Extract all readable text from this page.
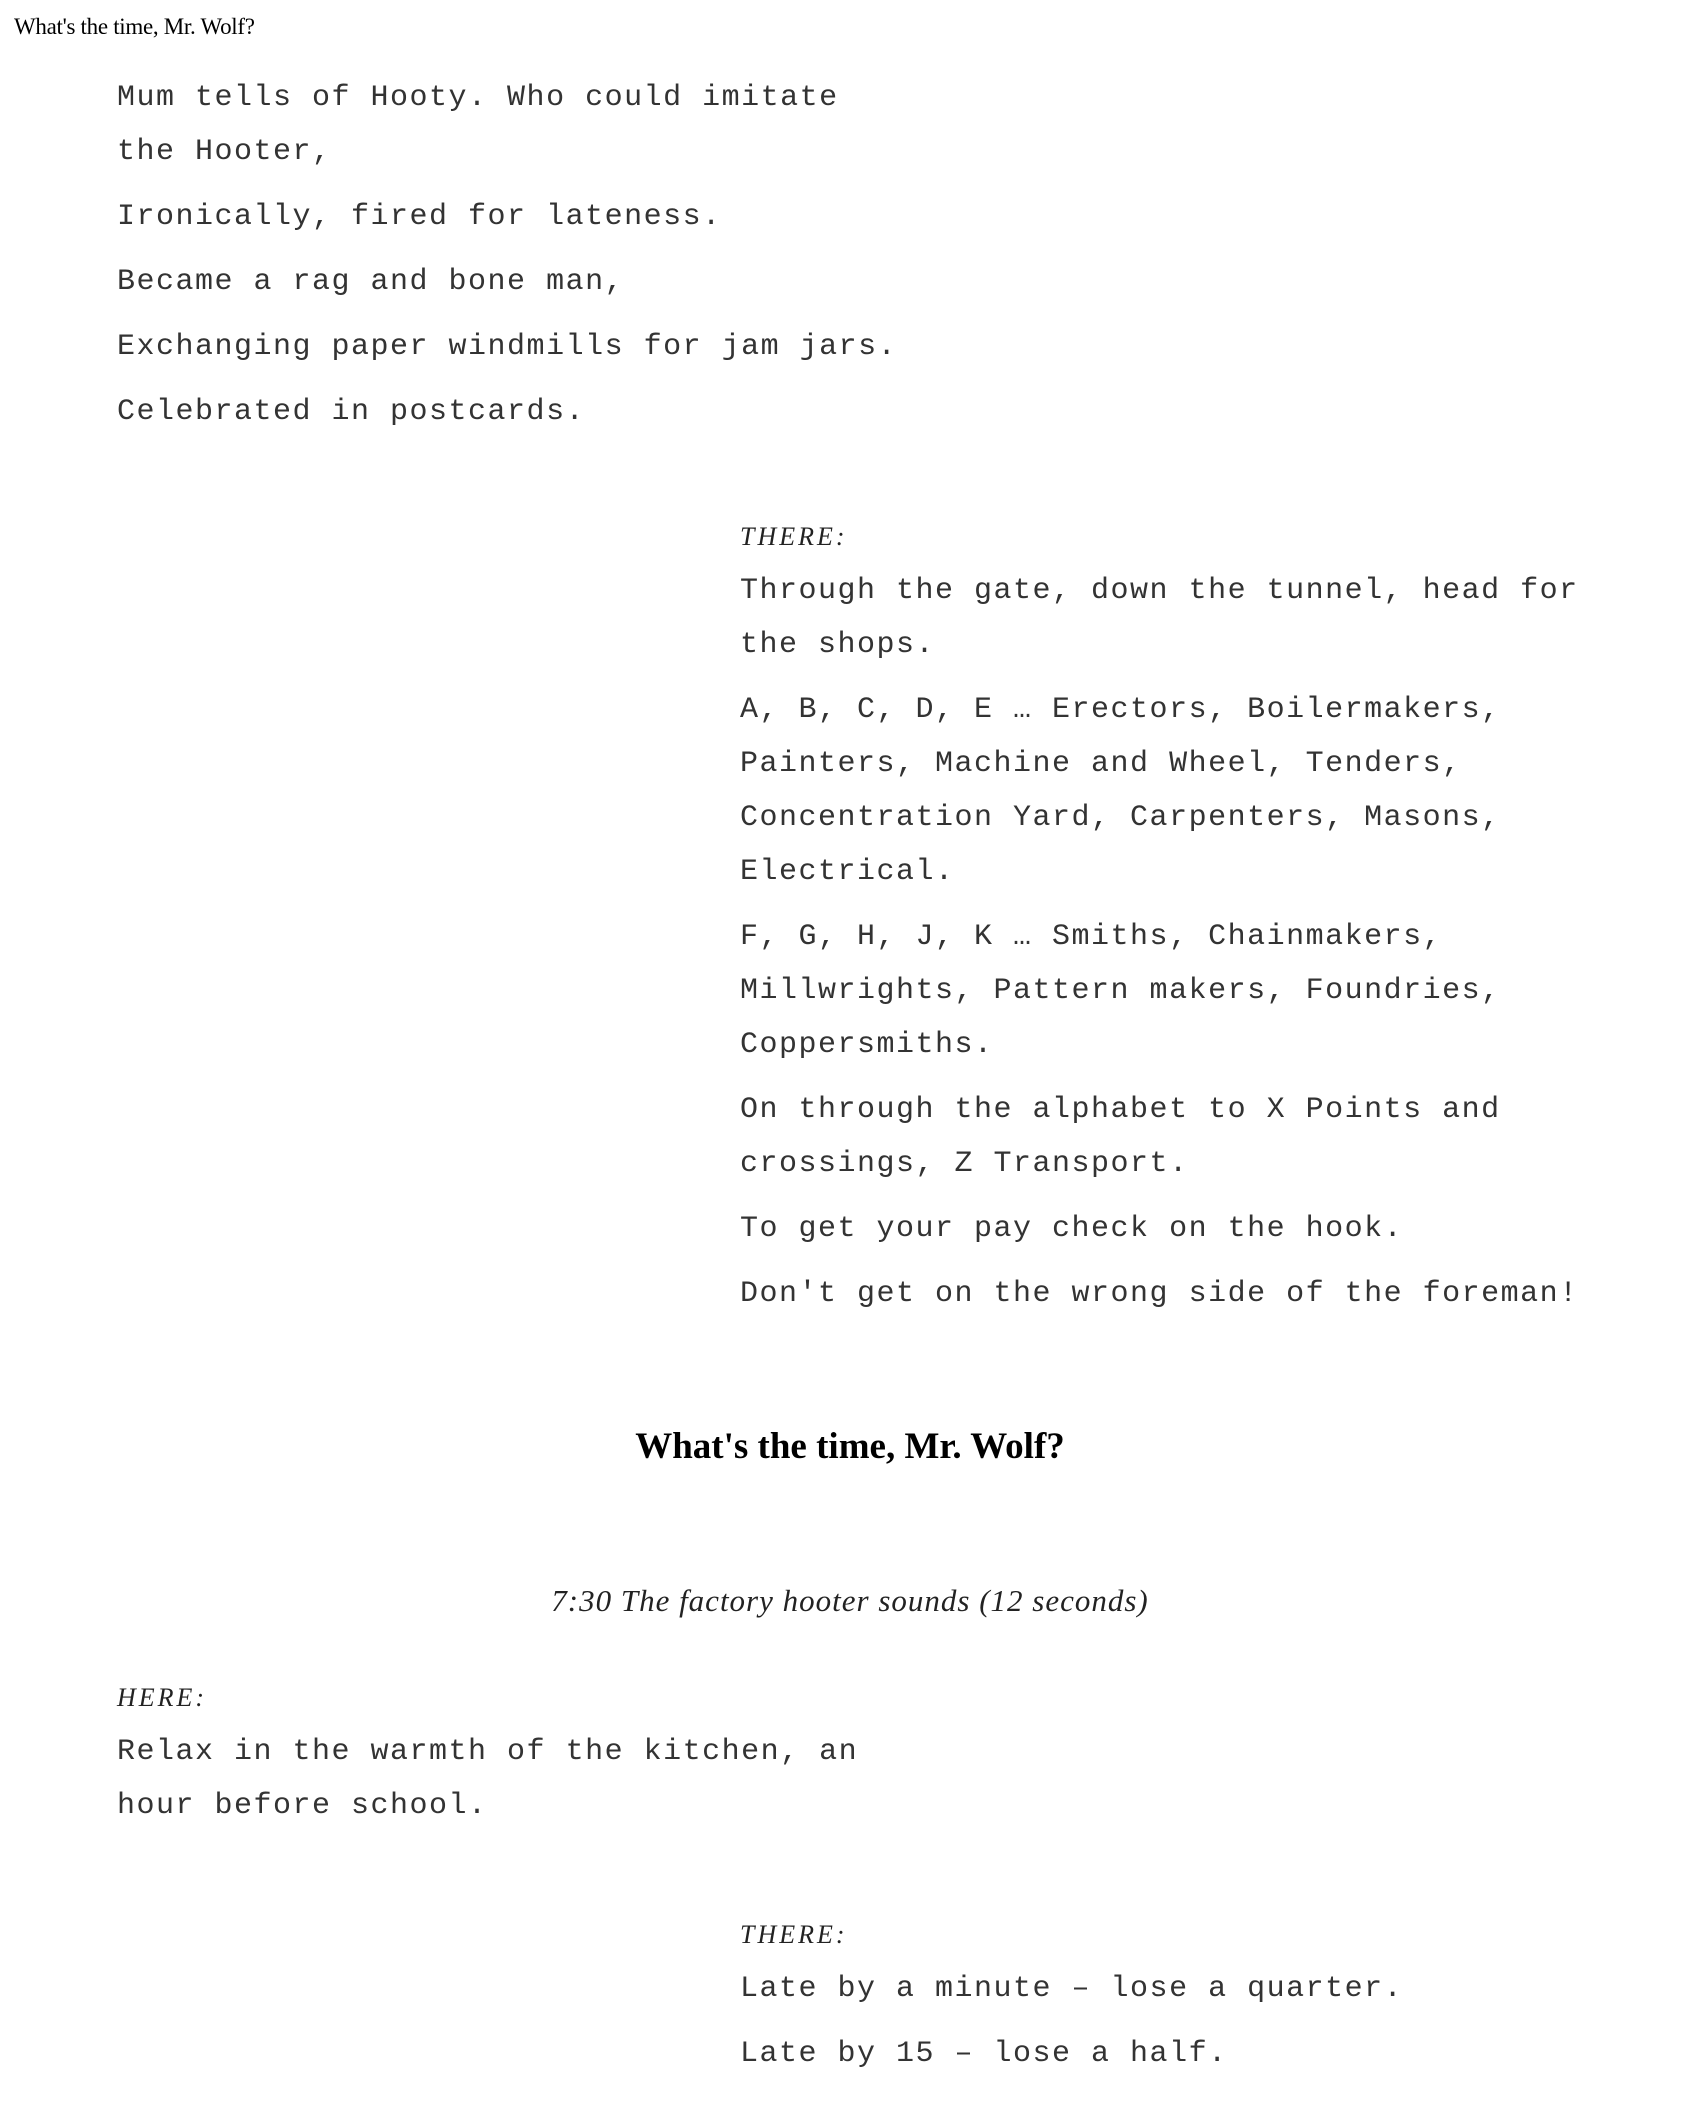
What's the time, Mr. Wolf?

Mum tells of Hooty. Who could imitate the Hooter,

Ironically, fired for lateness.

Became a rag and bone man,

Exchanging paper windmills for jam jars.

Celebrated in postcards.

THERE:

Through the gate, down the tunnel, head for the shops.

A, B, C, D, E … Erectors, Boilermakers, Painters, Machine and Wheel, Tenders, Concentration Yard, Carpenters, Masons, Electrical.

F, G, H, J, K … Smiths, Chainmakers, Millwrights, Pattern makers, Foundries, Coppersmiths.

On through the alphabet to X Points and crossings, Z Transport.

To get your pay check on the hook.

Don't get on the wrong side of the foreman!

What's the time, Mr. Wolf?
7:30 The factory hooter sounds (12 seconds)
HERE:

Relax in the warmth of the kitchen, an hour before school.

THERE:

Late by a minute – lose a quarter.

Late by 15 – lose a half.
